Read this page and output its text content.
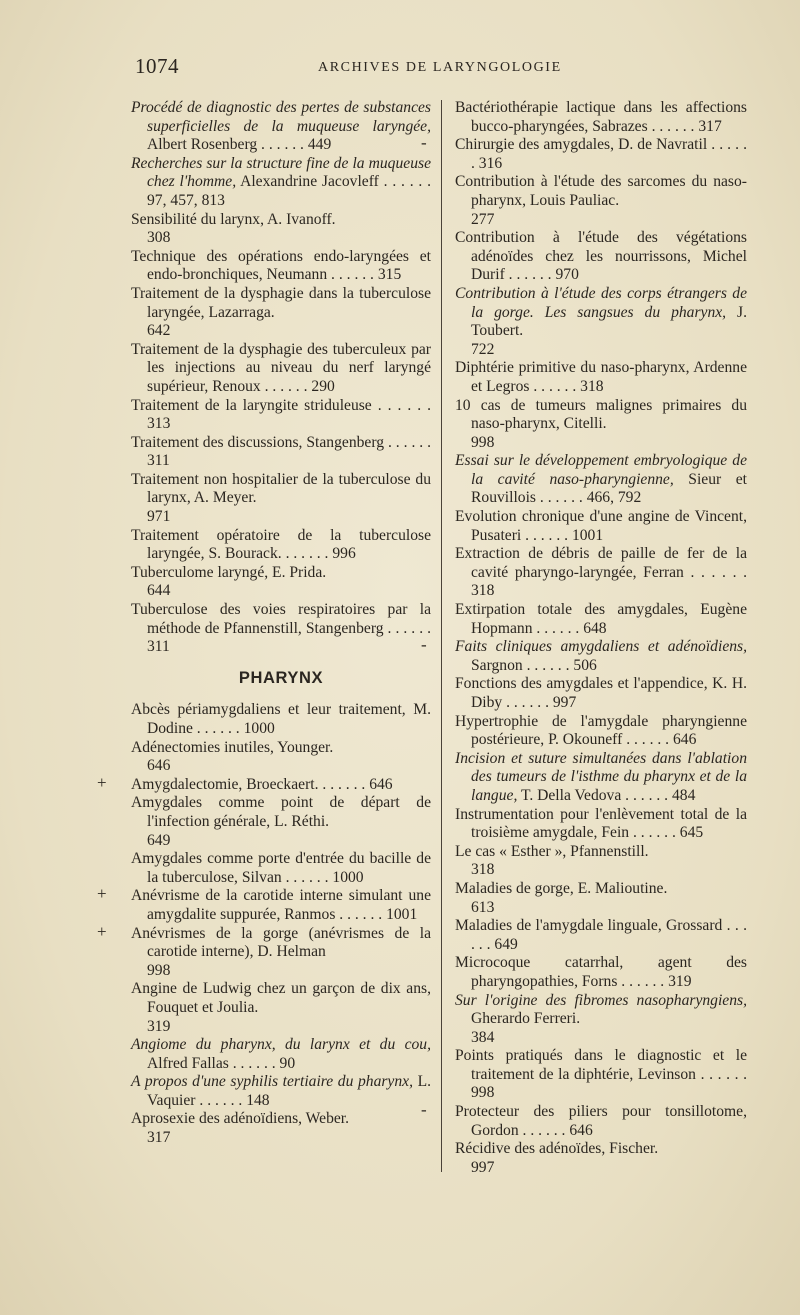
1074	ARCHIVES DE LARYNGOLOGIE
Procédé de diagnostic des pertes de substances superficielles de la muqueuse laryngée, Albert Rosenberg . . . . . . 449
Recherches sur la structure fine de la muqueuse chez l'homme, Alexandrine Jacovleff . . . . . . 97, 457, 813
Sensibilité du larynx, A. Ivanoff.
308
Technique des opérations endo-laryngées et endo-bronchiques, Neumann . . . . . . 315
Traitement de la dysphagie dans la tuberculose laryngée, Lazarraga.
642
Traitement de la dysphagie des tuberculeux par les injections au niveau du nerf laryngé supérieur, Renoux . . . . . . 290
Traitement de la laryngite striduleuse . . . . . . 313
Traitement des discussions, Stangenberg . . . . . . 311
Traitement non hospitalier de la tuberculose du larynx, A. Meyer.
971
Traitement opératoire de la tuberculose laryngée, S. Bourack. . . . . . . 996
Tuberculome laryngé, E. Prida.
644
Tuberculose des voies respiratoires par la méthode de Pfannenstill, Stangenberg . . . . . . 311
PHARYNX
Abcès périamygdaliens et leur traitement, M. Dodine . . . . . . 1000
Adénectomies inutiles, Younger.
646
Amygdalectomie, Broeckaert. . . . . . . 646
+
Amygdales comme point de départ de l'infection générale, L. Réthi.
649
Amygdales comme porte d'entrée du bacille de la tuberculose, Silvan . . . . . . 1000
Anévrisme de la carotide interne simulant une amygdalite suppurée, Ranmos . . . . . . 1001
+
Anévrismes de la gorge (anévrismes de la carotide interne), D. Helman
998
+
Angine de Ludwig chez un garçon de dix ans, Fouquet et Joulia.
319
Angiome du pharynx, du larynx et du cou, Alfred Fallas . . . . . . 90
A propos d'une syphilis tertiaire du pharynx, L. Vaquier . . . . . . 148
Aprosexie des adénoïdiens, Weber.
317
Bactériothérapie lactique dans les affections bucco-pharyngées, Sabrazes . . . . . . 317
Chirurgie des amygdales, D. de Navratil . . . . . . 316
-
Contribution à l'étude des sarcomes du naso-pharynx, Louis Pauliac.
277
Contribution à l'étude des végétations adénoïdes chez les nourrissons, Michel Durif . . . . . . 970
Contribution à l'étude des corps étrangers de la gorge. Les sangsues du pharynx, J. Toubert.
722
Diphtérie primitive du naso-pharynx, Ardenne et Legros . . . . . . 318
10 cas de tumeurs malignes primaires du naso-pharynx, Citelli.
998
Essai sur le développement embryologique de la cavité naso-pharyngienne, Sieur et Rouvillois . . . . . . 466, 792
Evolution chronique d'une angine de Vincent, Pusateri . . . . . . 1001
Extraction de débris de paille de fer de la cavité pharyngo-laryngée, Ferran . . . . . . 318
Extirpation totale des amygdales, Eugène Hopmann . . . . . . 648
Faits cliniques amygdaliens et adénoïdiens, Sargnon . . . . . . 506
-
Fonctions des amygdales et l'appendice, K. H. Diby . . . . . . 997
Hypertrophie de l'amygdale pharyngienne postérieure, P. Okouneff . . . . . . 646
Incision et suture simultanées dans l'ablation des tumeurs de l'isthme du pharynx et de la langue, T. Della Vedova . . . . . . 484
Instrumentation pour l'enlèvement total de la troisième amygdale, Fein . . . . . . 645
Le cas « Esther », Pfannenstill.
318
Maladies de gorge, E. Malioutine.
613
Maladies de l'amygdale linguale, Grossard . . . . . . 649
Microcoque catarrhal, agent des pharyngopathies, Forns . . . . . . 319
Sur l'origine des fibromes nasopharyngiens, Gherardo Ferreri.
384
Points pratiqués dans le diagnostic et le traitement de la diphtérie, Levinson . . . . . . 998
Protecteur des piliers pour tonsillotome, Gordon . . . . . . 646
-
Récidive des adénoïdes, Fischer.
997
